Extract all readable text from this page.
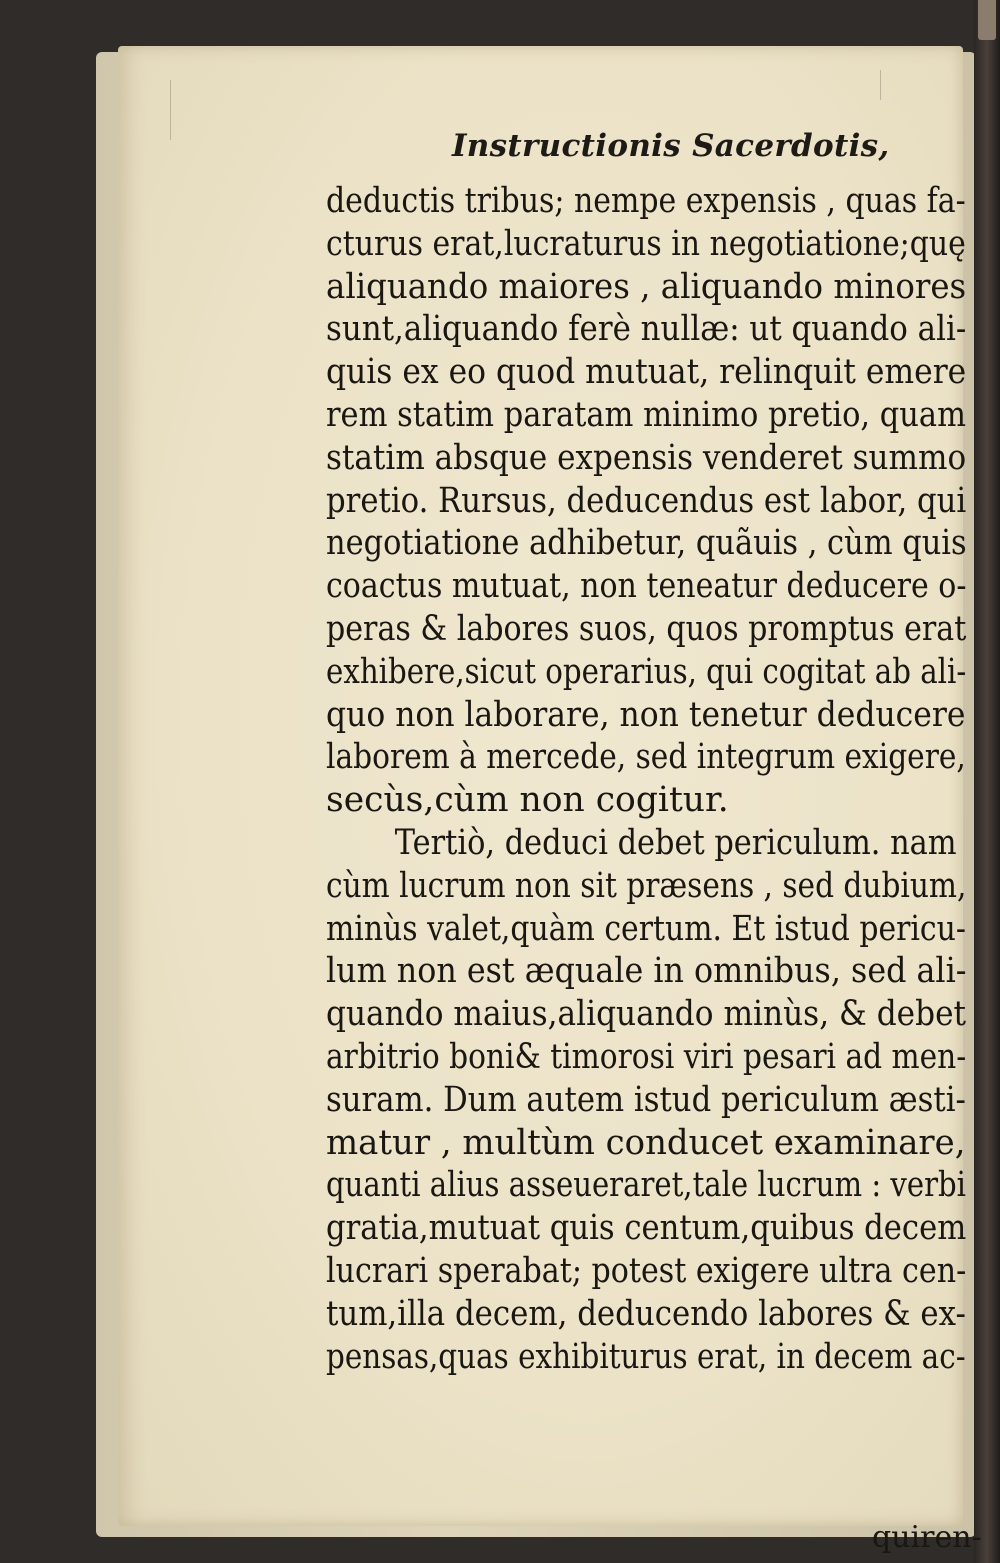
Instructionis Sacerdotis,
deductis tribus; nempe expensis , quas fa-
cturus erat,lucraturus in negotiatione;quę
aliquando maiores , aliquando minores
sunt,aliquando ferè nullæ: ut quando ali-
quis ex eo quod mutuat, relinquit emere
rem statim paratam minimo pretio, quam
statim absque expensis venderet summo
pretio. Rursus, deducendus est labor, qui
negotiatione adhibetur, quãuis , cùm quis
coactus mutuat, non teneatur deducere o-
peras & labores suos, quos promptus erat
exhibere,sicut operarius, qui cogitat ab ali-
quo non laborare, non tenetur deducere
laborem à mercede, sed integrum exigere,
secùs,cùm non cogitur.
Tertiò, deduci debet periculum. nam
cùm lucrum non sit præsens , sed dubium,
minùs valet,quàm certum. Et istud pericu-
lum non est æquale in omnibus, sed ali-
quando maius,aliquando minùs, & debet
arbitrio boni& timorosi viri pesari ad men-
suram. Dum autem istud periculum æsti-
matur , multùm conducet examinare,
quanti alius asseueraret,tale lucrum : verbi
gratia,mutuat quis centum,quibus decem
lucrari sperabat; potest exigere ultra cen-
tum,illa decem, deducendo labores & ex-
pensas,quas exhibiturus erat, in decem ac-
quiren-
